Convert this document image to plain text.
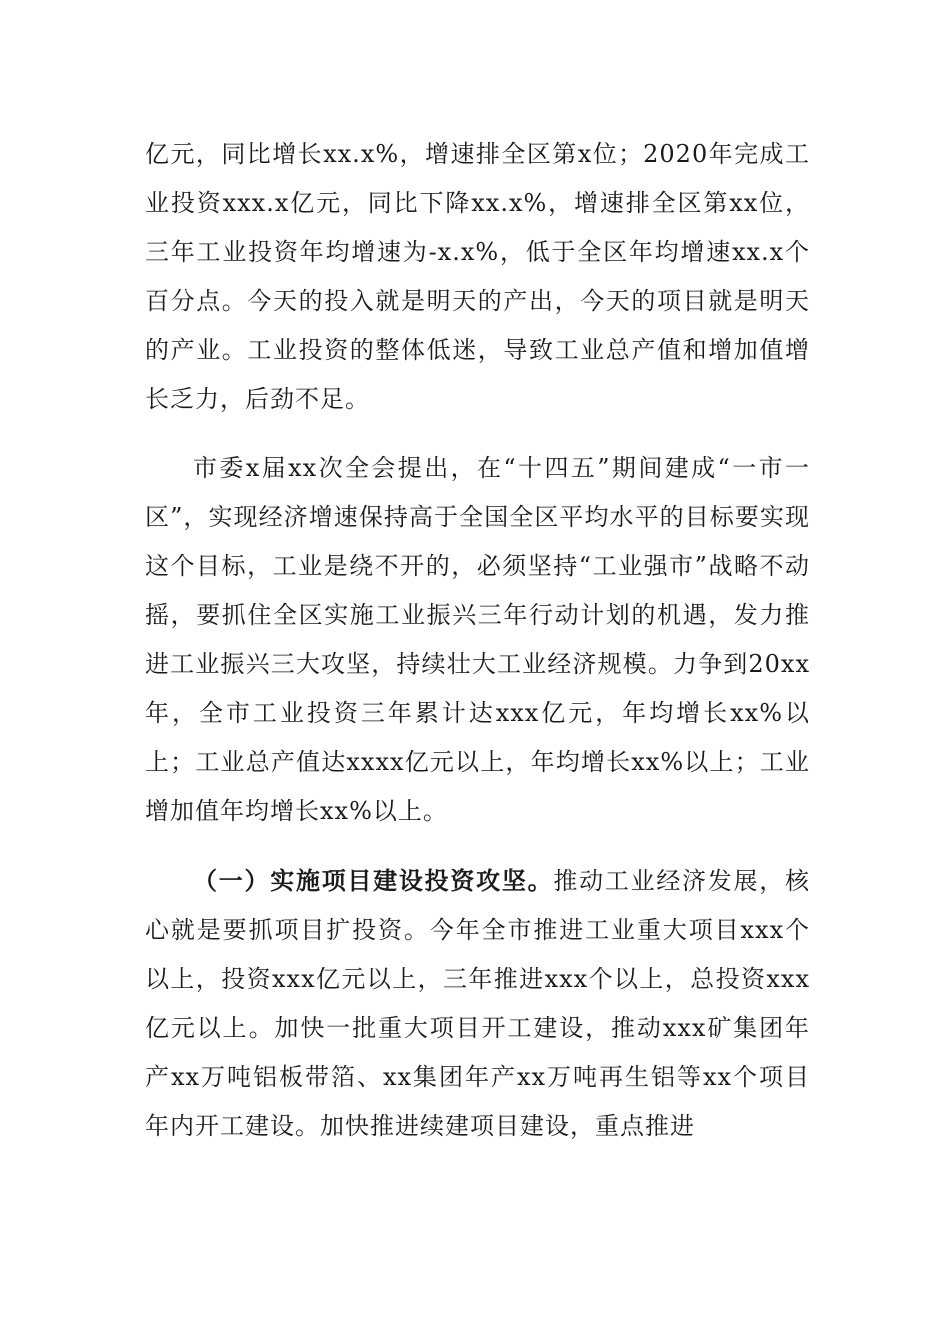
亿元，同比增长xx.x%，增速排全区第x位；2020年完成工业投资xxx.x亿元，同比下降xx.x%，增速排全区第xx位，三年工业投资年均增速为-x.x%，低于全区年均增速xx.x个百分点。今天的投入就是明天的产出，今天的项目就是明天的产业。工业投资的整体低迷，导致工业总产值和增加值增长乏力，后劲不足。

市委x届xx次全会提出，在“十四五”期间建成“一市一区”，实现经济增速保持高于全国全区平均水平的目标要实现这个目标，工业是绕不开的，必须坚持“工业强市”战略不动摇，要抓住全区实施工业振兴三年行动计划的机遇，发力推进工业振兴三大攻坚，持续壮大工业经济规模。力争到20xx年，全市工业投资三年累计达xxx亿元，年均增长xx%以上；工业总产值达xxxx亿元以上，年均增长xx%以上；工业增加值年均增长xx%以上。

（一）实施项目建设投资攻坚。推动工业经济发展，核心就是要抓项目扩投资。今年全市推进工业重大项目xxx个以上，投资xxx亿元以上，三年推进xxx个以上，总投资xxx亿元以上。加快一批重大项目开工建设，推动xxx矿集团年产xx万吨铝板带箔、xx集团年产xx万吨再生铝等xx个项目年内开工建设。加快推进续建项目建设，重点推进
